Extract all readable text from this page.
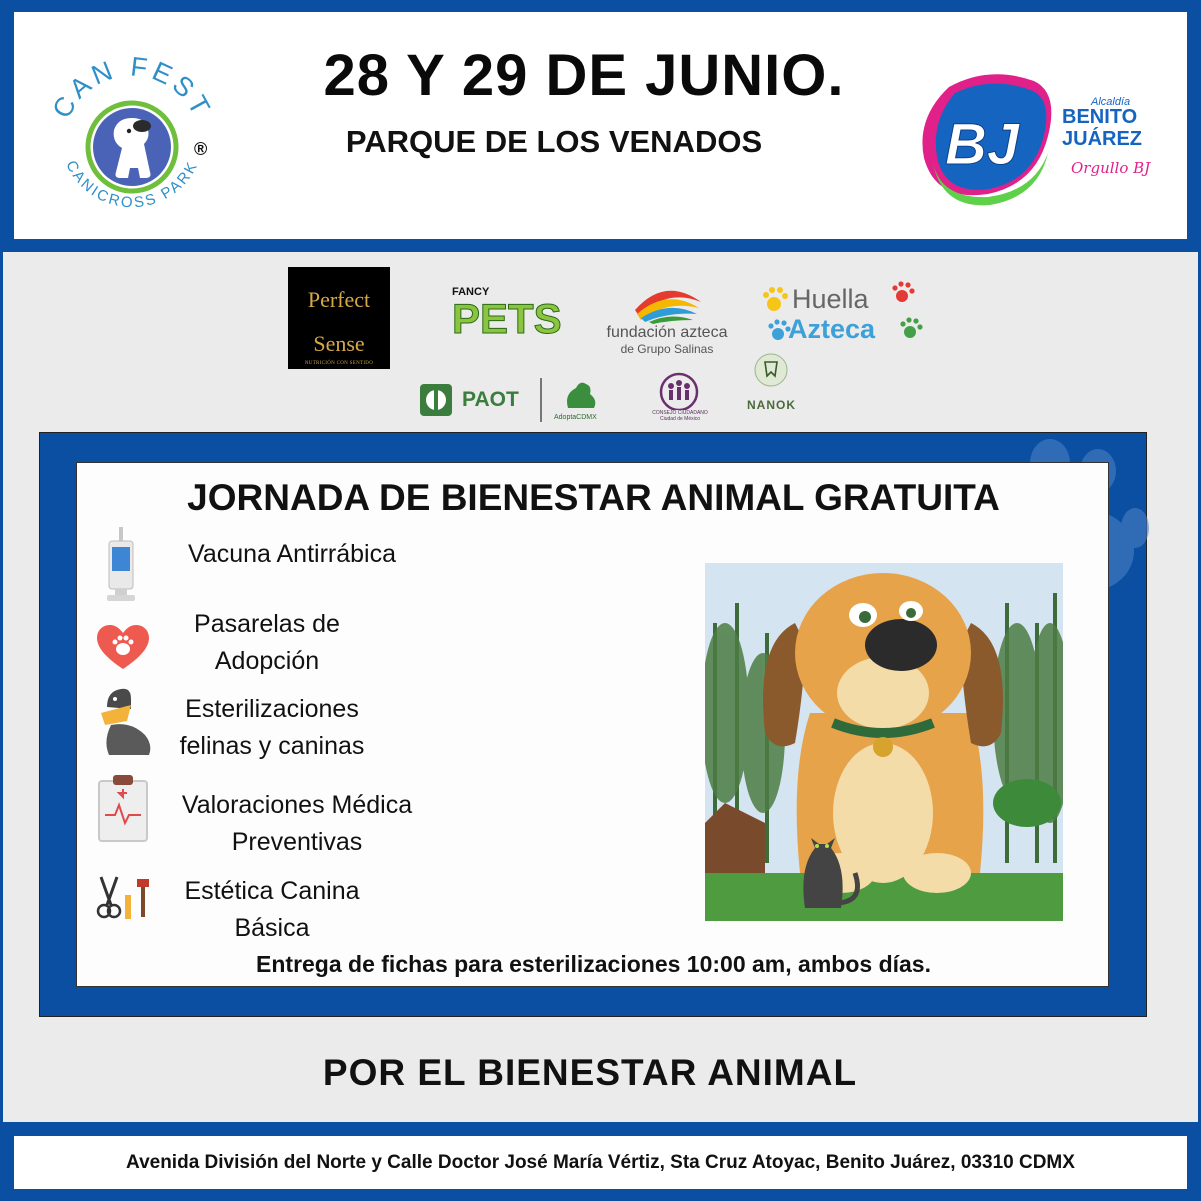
CAN FEST
CANICROSS PARK
®
28 Y 29 DE JUNIO.
PARQUE DE LOS VENADOS	BJ
Alcaldía
BENITO
JUÁREZ
Orgullo BJ
Perfect
Sense
NUTRICIÓN CON SENTIDO
FANCY
PETS	fundación azteca
de Grupo Salinas
Huella
Azteca
PAOT
AdoptaCDMX
CONSEJO CIUDADANO Ciudad de México
NANOK
JORNADA DE BIENESTAR ANIMAL GRATUITA
Vacuna Antirrábica
Pasarelas de
Adopción
Esterilizaciones
felinas y caninas
Valoraciones Médica
Preventivas
Estética Canina
Básica
Entrega de fichas para esterilizaciones 10:00 am, ambos días.
POR EL BIENESTAR ANIMAL
Avenida División del Norte y Calle Doctor José María Vértiz, Sta Cruz Atoyac, Benito Juárez, 03310 CDMX
